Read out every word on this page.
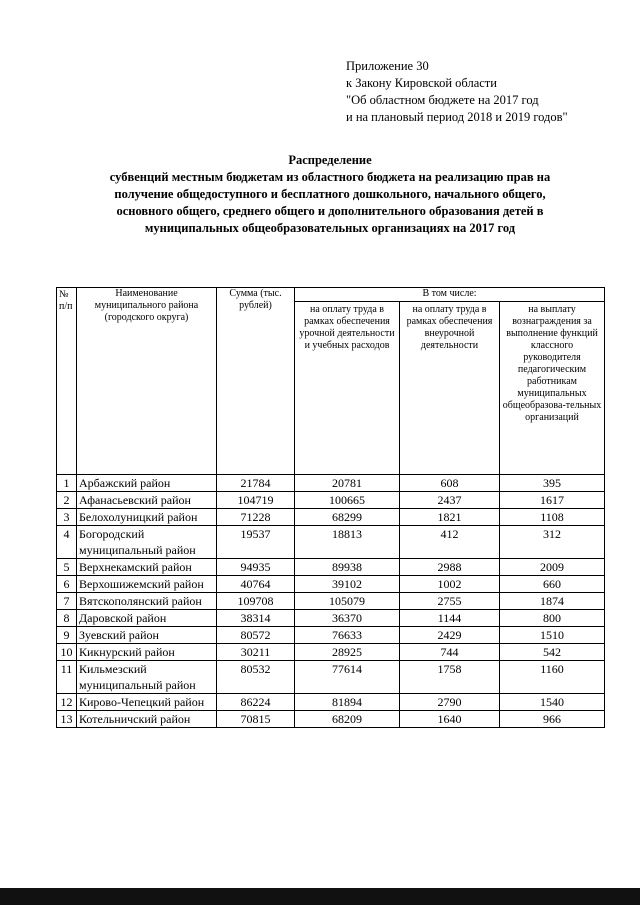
Приложение 30
к Закону Кировской области
"Об областном бюджете на 2017 год
и на плановый период 2018 и 2019 годов"
Распределение
субвенций местным бюджетам из областного бюджета на реализацию прав на
получение общедоступного и бесплатного дошкольного, начального общего,
основного общего, среднего общего и дополнительного образования детей в
муниципальных общеобразовательных организациях на 2017 год
№ п/п	Наименование муниципального района (городского округа)	Сумма (тыс. рублей)	В том числе:		
			на оплату труда в рамках обеспечения урочной деятельности и учебных расходов	на оплату труда в рамках обеспечения внеурочной деятельности	на выплату вознаграждения за выполнение функций классного руководителя педагогическим работникам муниципальных общеобразова-тельных организаций
1	Арбажский район	21784	20781	608	395
2	Афанасьевский район	104719	100665	2437	1617
3	Белохолуницкий район	71228	68299	1821	1108
4	Богородский муниципальный район	19537	18813	412	312
5	Верхнекамский район	94935	89938	2988	2009
6	Верхошижемский район	40764	39102	1002	660
7	Вятскополянский район	109708	105079	2755	1874
8	Даровской район	38314	36370	1144	800
9	Зуевский район	80572	76633	2429	1510
10	Кикнурский район	30211	28925	744	542
11	Кильмезский муниципальный район	80532	77614	1758	1160
12	Кирово-Чепецкий район	86224	81894	2790	1540
13	Котельничский район	70815	68209	1640	966
